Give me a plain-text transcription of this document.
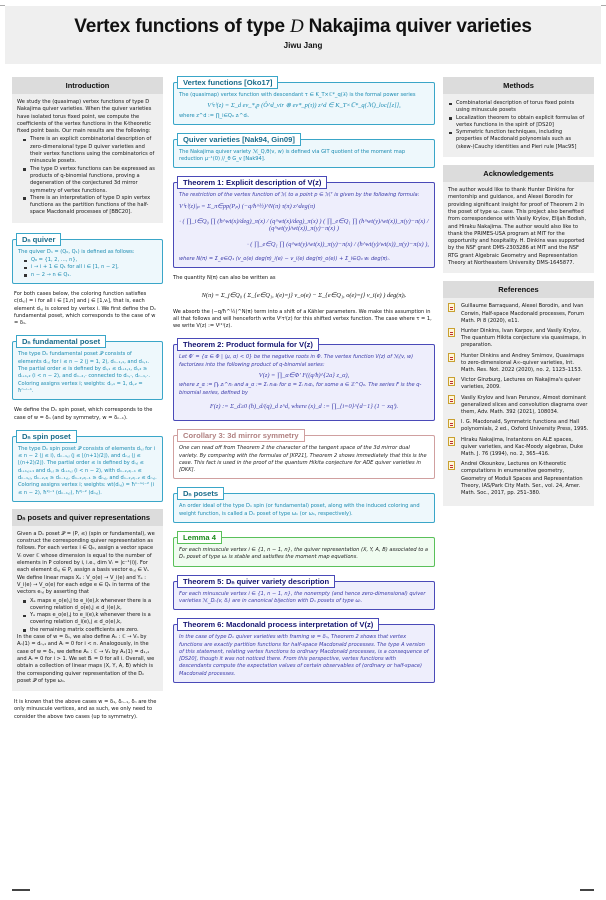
Vertex functions of type D Nakajima quiver varieties
Jiwu Jang
Introduction
We study the (quasimap) vertex functions of type D Nakajima quiver varieties. When the quiver varieties have isolated torus fixed point, we compute the coefficients of the vertex functions in the K-theoretic fixed point basis. Our main results are the following:
There is an explicit combinatorial description of zero-dimensional type D quiver varieties and their vertex functions using the combinatorics of minuscule posets.
The type D vertex functions can be expressed as products of q-binomial functions, proving a degeneration of the conjectured 3d mirror symmetry of vertex functions.
There is an interpretation of type D spin vertex functions as the partition functions of the half-space Macdonald processes of [BBC20].
Dₙ quiver
The quiver Dₙ = (Q₀, Q₁) is defined as follows:
Q₀ = {1, 2, …, n},
i → i + 1 ∈ Q₁ for all i ∈ [1, n − 2],
n − 2 → n ∈ Q₁.
For both cases below, the coloring function satisfies c(dᵢ,ⱼ) = i for all i ∈ [1,n] and j ∈ [1,vᵢ], that is, each element dᵢ,ⱼ is colored by vertex i. We first define the Dₙ fundamental poset, which corresponds to the case of w = δ₁.
Dₙ fundamental poset
The type Dₙ fundamental poset 𝒫 consists of elements dᵢ,ⱼ for i ≤ n − 2 (j = 1, 2), dₙ₋₁,₁, and dₙ,₁. The partial order ≤ is defined by dᵢ,₁ ≤ dᵢ₊₁,₁, dᵢ,₂ ≥ dᵢ₊₁,₂ (i < n − 2), and dₙ₋₂,· connected to dₙ,·, dₙ₋₁,·. Coloring assigns vertex i; weights: dᵢ,₁ = 1, dᵢ,₂ = ħⁿ⁻ⁱ⁻¹.
We define the Dₙ spin poset, which corresponds to the case of w = δₙ (and by symmetry, w = δₙ₋₁).
Dₙ spin poset
The type Dₙ spin poset 𝒫 consists of elements dᵢ,ⱼ for i ≤ n − 2 (j ≤ i), dₙ₋₁,ⱼ (j ≤ ⌊(n+1)/2⌋), and dₙ,ⱼ (j ≤ ⌊(n+2)/2⌋). The partial order ≤ is defined by dᵢ,ⱼ ≤ dᵢ₊₁,ⱼ₊₁ and dᵢ,ⱼ ≥ dᵢ₊₁,ⱼ (i < n − 2), with dₙ₋₂,₂ⱼ₋₁ ≤ dₙ₋₁,ⱼ, dₙ₋₂,₂ⱼ ≥ dₙ₋₁,ⱼ, dₙ₋₂,₂ⱼ₋₁ ≥ dₙ,ⱼ, and dₙ₋₂,₂ⱼ₋₂ ≤ dₙ,ⱼ. Coloring assigns vertex i; weights: wt(dᵢ,ⱼ) = ħⁿ⁻ⁱ⁺ʲ⁻² (i ≤ n − 2), ħ²ʲ⁻¹ (dₙ₋₁,ⱼ), ħ²ʲ⁻² (dₙ,ⱼ).
Dₙ posets and quiver representations
Given a Dₙ poset 𝒫 = (P, ≤) (spin or fundamental), we construct the corresponding quiver representation as follows. For each vertex i ∈ Q₀, assign a vector space Vᵢ over ℂ whose dimension is equal to the number of elements in P colored by i, i.e., dim Vᵢ = |c⁻¹(i)|. For each element dᵢ,ⱼ ∈ P, assign a basis vector eᵢ,ⱼ ∈ Vᵢ. We define linear maps Xₑ : V_o(e) → V_i(e) and Yₑ : V_i(e) → V_o(e) for each edge e ∈ Q₁ in terms of the vectors eᵢ,ⱼ by asserting that
Xₑ maps e_o(e),j to e_i(e),k whenever there is a covering relation d_o(e),j ≤ d_i(e),k,
Yₑ maps e_o(e),j to e_i(e),k whenever there is a covering relation d_i(e),j ≤ d_o(e),k,
the remaining matrix coefficients are zero.
In the case of w = δₙ, we also define Aₙ : ℂ → Vₙ by Aₙ(1) = dₙ,₁ and Aᵢ = 0 for i < n. Analogously, in the case of w = δ₁, we define A₁ : ℂ → V₁ by A₁(1) = d₁,₁ and Aᵢ = 0 for i > 1. We set Bᵢ = 0 for all i. Overall, we obtain a collection of linear maps (X, Y, A, B) which is the corresponding quiver representation of the Dₙ poset 𝒫 of type ωₙ.
It is known that the above cases w = δ₁, δₙ₋₁, δₙ are the only minuscule vertices, and as such, we only need to consider the above two cases (up to symmetry).
Vertex functions [Oko17]
The (quasimap) vertex function with descendant τ ∈ K_T×ℂ*_q(𝔛) is the formal power series
V⁽τ⁾(z) = Σ_d ev_*,p (Ô^d_vir ⊗ ev*_p(τ)) z^d ∈ K_T×ℂ*_q(ℳ)_loc[[z]],
where z^d := ∏_i∈Q₀ zᵢ^dᵢ.
Quiver varieties [Nak94, Gin09]
The Nakajima quiver variety ℳ_Q,θ(v, w) is defined via GIT quotient of the moment map reduction μ⁻¹(0) //_θ G_v [Nak94].
Theorem 1: Explicit description of V(z)
The restriction of the vertex function of ℳ to a point p ∈ ℳᵀ is given by the following formula:
V⁽τ⁾(z)|ₚ = Σ_π∈pp(Pₚ) (−q/ħ^½)^N(π) τ(π) z^deg(π)
· ( ∏_i∈Q₀ ∏ (ħ^wt(x)/deg)_π(x) / (q^wt(x)/deg)_π(x) ) ( ∏_e∈Q₁ ∏ (ħ^wt(y)/wt(x))_π(y)−π(x) / (q^wt(y)/wt(x))_π(y)−π(x) )
· ( ∏_e∈Q₁ ∏ (q^wt(y)/wt(x))_π(y)−π(x) / (ħ^wt(y)/wt(x))_π(y)−π(x) ),
where N(π) = Σ_e∈Q₁ (v_o(e) deg(π)_i(e) − v_i(e) deg(π)_o(e)) + Σ_i∈Q₀ wᵢ deg(π)ᵢ.
The quantity N(π) can also be written as
N(π) = Σ_j∈Q₀ ( Σ_{e∈Q₁, i(e)=j} v_o(e) − Σ_{e∈Q₁, o(e)=j} v_i(e) ) deg(π)ⱼ.
We absorb the (−q/ħ^½)^N(π) term into a shift of a Kähler parameters. We make this assumption in all that follows and will henceforth write V⁽τ⁾(z) for this shifted vertex function. The case where τ = 1, we write V(z) := V⁽¹⁾(z).
Theorem 2: Product formula for V(z)
Let Φ′ = {α ∈ Φ | ⟨μ, α⟩ < 0} be the negative roots in Φ. The vertex function V(z) of ℳ(v, w) factorizes into the following product of q-binomial series:
V(z) = ∏_α∈Φ′ F((q/ħ)^{2a} z_α),
where z_α := ∏ᵢ zᵢ^nᵢ and a_α := Σᵢ nᵢaᵢ for α = Σᵢ nᵢαᵢ, for some a ∈ ℤ^Q₀. The series F is the q-binomial series, defined by
F(z) := Σ_d≥0 (ħ)_d/(q)_d z^d, where (x)_d := ∏_{i=0}^{d−1} (1 − xqⁱ).
Corollary 3: 3d mirror symmetry
One can read off from Theorem 2 the character of the tangent space of the 3d mirror dual variety. By comparing with the formulas of [KP21], Theorem 2 shows immediately that this is the case. This fact is used in the proof of the quantum Hikita conjecture for ADE quiver varieties in [DKK].
Dₙ posets
An order ideal of the type Dₙ spin (or fundamental) poset, along with the induced coloring and weight function, is called a Dₙ poset of type ωₙ (or ω₁, respectively).
Lemma 4
For each minuscule vertex i ∈ {1, n − 1, n}, the quiver representation (X, Y, A, B) associated to a Dₙ poset of type ωᵢ is stable and satisfies the moment map equations.
Theorem 5: Dₙ quiver variety description
For each minuscule vertex i ∈ {1, n − 1, n}, the nonempty (and hence zero-dimensional) quiver varieties ℳ_Dₙ(v, δᵢ) are in canonical bijection with Dₙ posets of type ωᵢ.
Theorem 6: Macdonald process interpretation of V(z)
In the case of type Dₙ quiver varieties with framing w = δₙ, Theorem 2 shows that vertex functions are exactly partition functions for half-space Macdonald processes. The type A version of this statement, relating vertex functions to ordinary Macdonald processes, is a consequence of [DS20], though it was not noticed there. From this perspective, vertex functions with descendants compute the expectation values of certain observables of (ordinary or half-space) Macdonald processes.
Methods
Combinatorial description of torus fixed points using minuscule posets
Localization theorem to obtain explicit formulas of vertex functions in the spirit of [DS20]
Symmetric function techniques, including properties of Macdonald polynomials such as (skew-)Cauchy identities and Pieri rule [Mac95]
Acknowledgements
The author would like to thank Hunter Dinkins for mentorship and guidance, and Alexei Borodin for providing significant insight for proof of Theorem 2 in the poset of type ωₙ case. This project also benefited from correspondence with Vasily Krylov, Elijah Bodish, and Hiraku Nakajima. The author would also like to thank the PRIMES-USA program at MIT for the opportunity and hospitality. H. Dinkins was supported by the NSF grant DMS-2303286 at MIT and the NSF RTG grant Algebraic Geometry and Representation Theory at Northeastern University DMS-1645877.
References
Guillaume Barraquand, Alexei Borodin, and Ivan Corwin, Half-space Macdonald processes, Forum Math. Pi 8 (2020), e11.
Hunter Dinkins, Ivan Karpov, and Vasily Krylov, The quantum Hikita conjecture via quasimaps, in preparation.
Hunter Dinkins and Andrey Smirnov, Quasimaps to zero-dimensional A∞-quiver varieties, Int. Math. Res. Not. 2022 (2020), no. 2, 1123–1153.
Victor Ginzburg, Lectures on Nakajima's quiver varieties, 2009.
Vasily Krylov and Ivan Perunov, Almost dominant generalized slices and convolution diagrams over them, Adv. Math. 392 (2021), 108034.
I. G. Macdonald, Symmetric functions and Hall polynomials, 2 ed., Oxford University Press, 1995.
Hiraku Nakajima, Instantons on ALE spaces, quiver varieties, and Kac-Moody algebras, Duke Math. J. 76 (1994), no. 2, 365–416.
Andrei Okounkov, Lectures on K-theoretic computations in enumerative geometry, Geometry of Moduli Spaces and Representation Theory, IAS/Park City Math. Ser., vol. 24, Amer. Math. Soc., 2017, pp. 251–380.
